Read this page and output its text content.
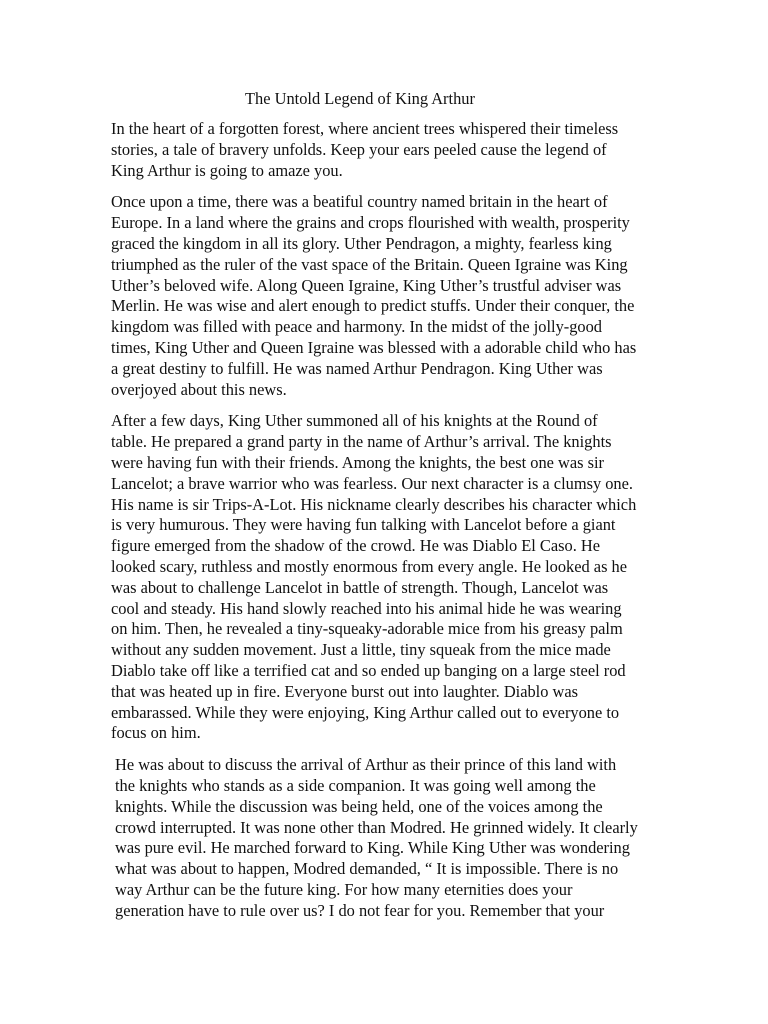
The Untold Legend of King Arthur

In the heart of a forgotten forest, where ancient trees whispered their timeless
stories, a tale of bravery unfolds. Keep your ears peeled cause the legend of
King Arthur is going to amaze you.

Once upon a time, there was a beatiful country named britain in the heart of
Europe. In a land where the grains and crops flourished with wealth, prosperity
graced the kingdom in all its glory. Uther Pendragon, a mighty, fearless king
triumphed as the ruler of the vast space of the Britain. Queen Igraine was King
Uther’s beloved wife. Along Queen Igraine, King Uther’s trustful adviser was
Merlin. He was wise and alert enough to predict stuffs. Under their conquer, the
kingdom was filled with peace and harmony. In the midst of the jolly-good
times, King Uther and Queen Igraine was blessed with a adorable child who has
a great destiny to fulfill. He was named Arthur Pendragon. King Uther was
overjoyed about this news.

After a few days, King Uther summoned all of his knights at the Round of
table. He prepared a grand party in the name of Arthur’s arrival. The knights
were having fun with their friends. Among the knights, the best one was sir
Lancelot; a brave warrior who was fearless. Our next character is a clumsy one.
His name is sir Trips-A-Lot. His nickname clearly describes his character which
is very humurous. They were having fun talking with Lancelot before a giant
figure emerged from the shadow of the crowd. He was Diablo El Caso. He
looked scary, ruthless and mostly enormous from every angle. He looked as he
was about to challenge Lancelot in battle of strength. Though, Lancelot was
cool and steady. His hand slowly reached into his animal hide he was wearing
on him. Then, he revealed a tiny-squeaky-adorable mice from his greasy palm
without any sudden movement. Just a little, tiny squeak from the mice made
Diablo take off like a terrified cat and so ended up banging on a large steel rod
that was heated up in fire. Everyone burst out into laughter. Diablo was
embarassed. While they were enjoying, King Arthur called out to everyone to
focus on him.

He was about to discuss the arrival of Arthur as their prince of this land with
the knights who stands as a side companion. It was going well among the
knights. While the discussion was being held, one of the voices among the
crowd interrupted. It was none other than Modred. He grinned widely. It clearly
was pure evil. He marched forward to King. While King Uther was wondering
what was about to happen, Modred demanded, “ It is impossible. There is no
way Arthur can be the future king. For how many eternities does your
generation have to rule over us? I do not fear for you. Remember that your
